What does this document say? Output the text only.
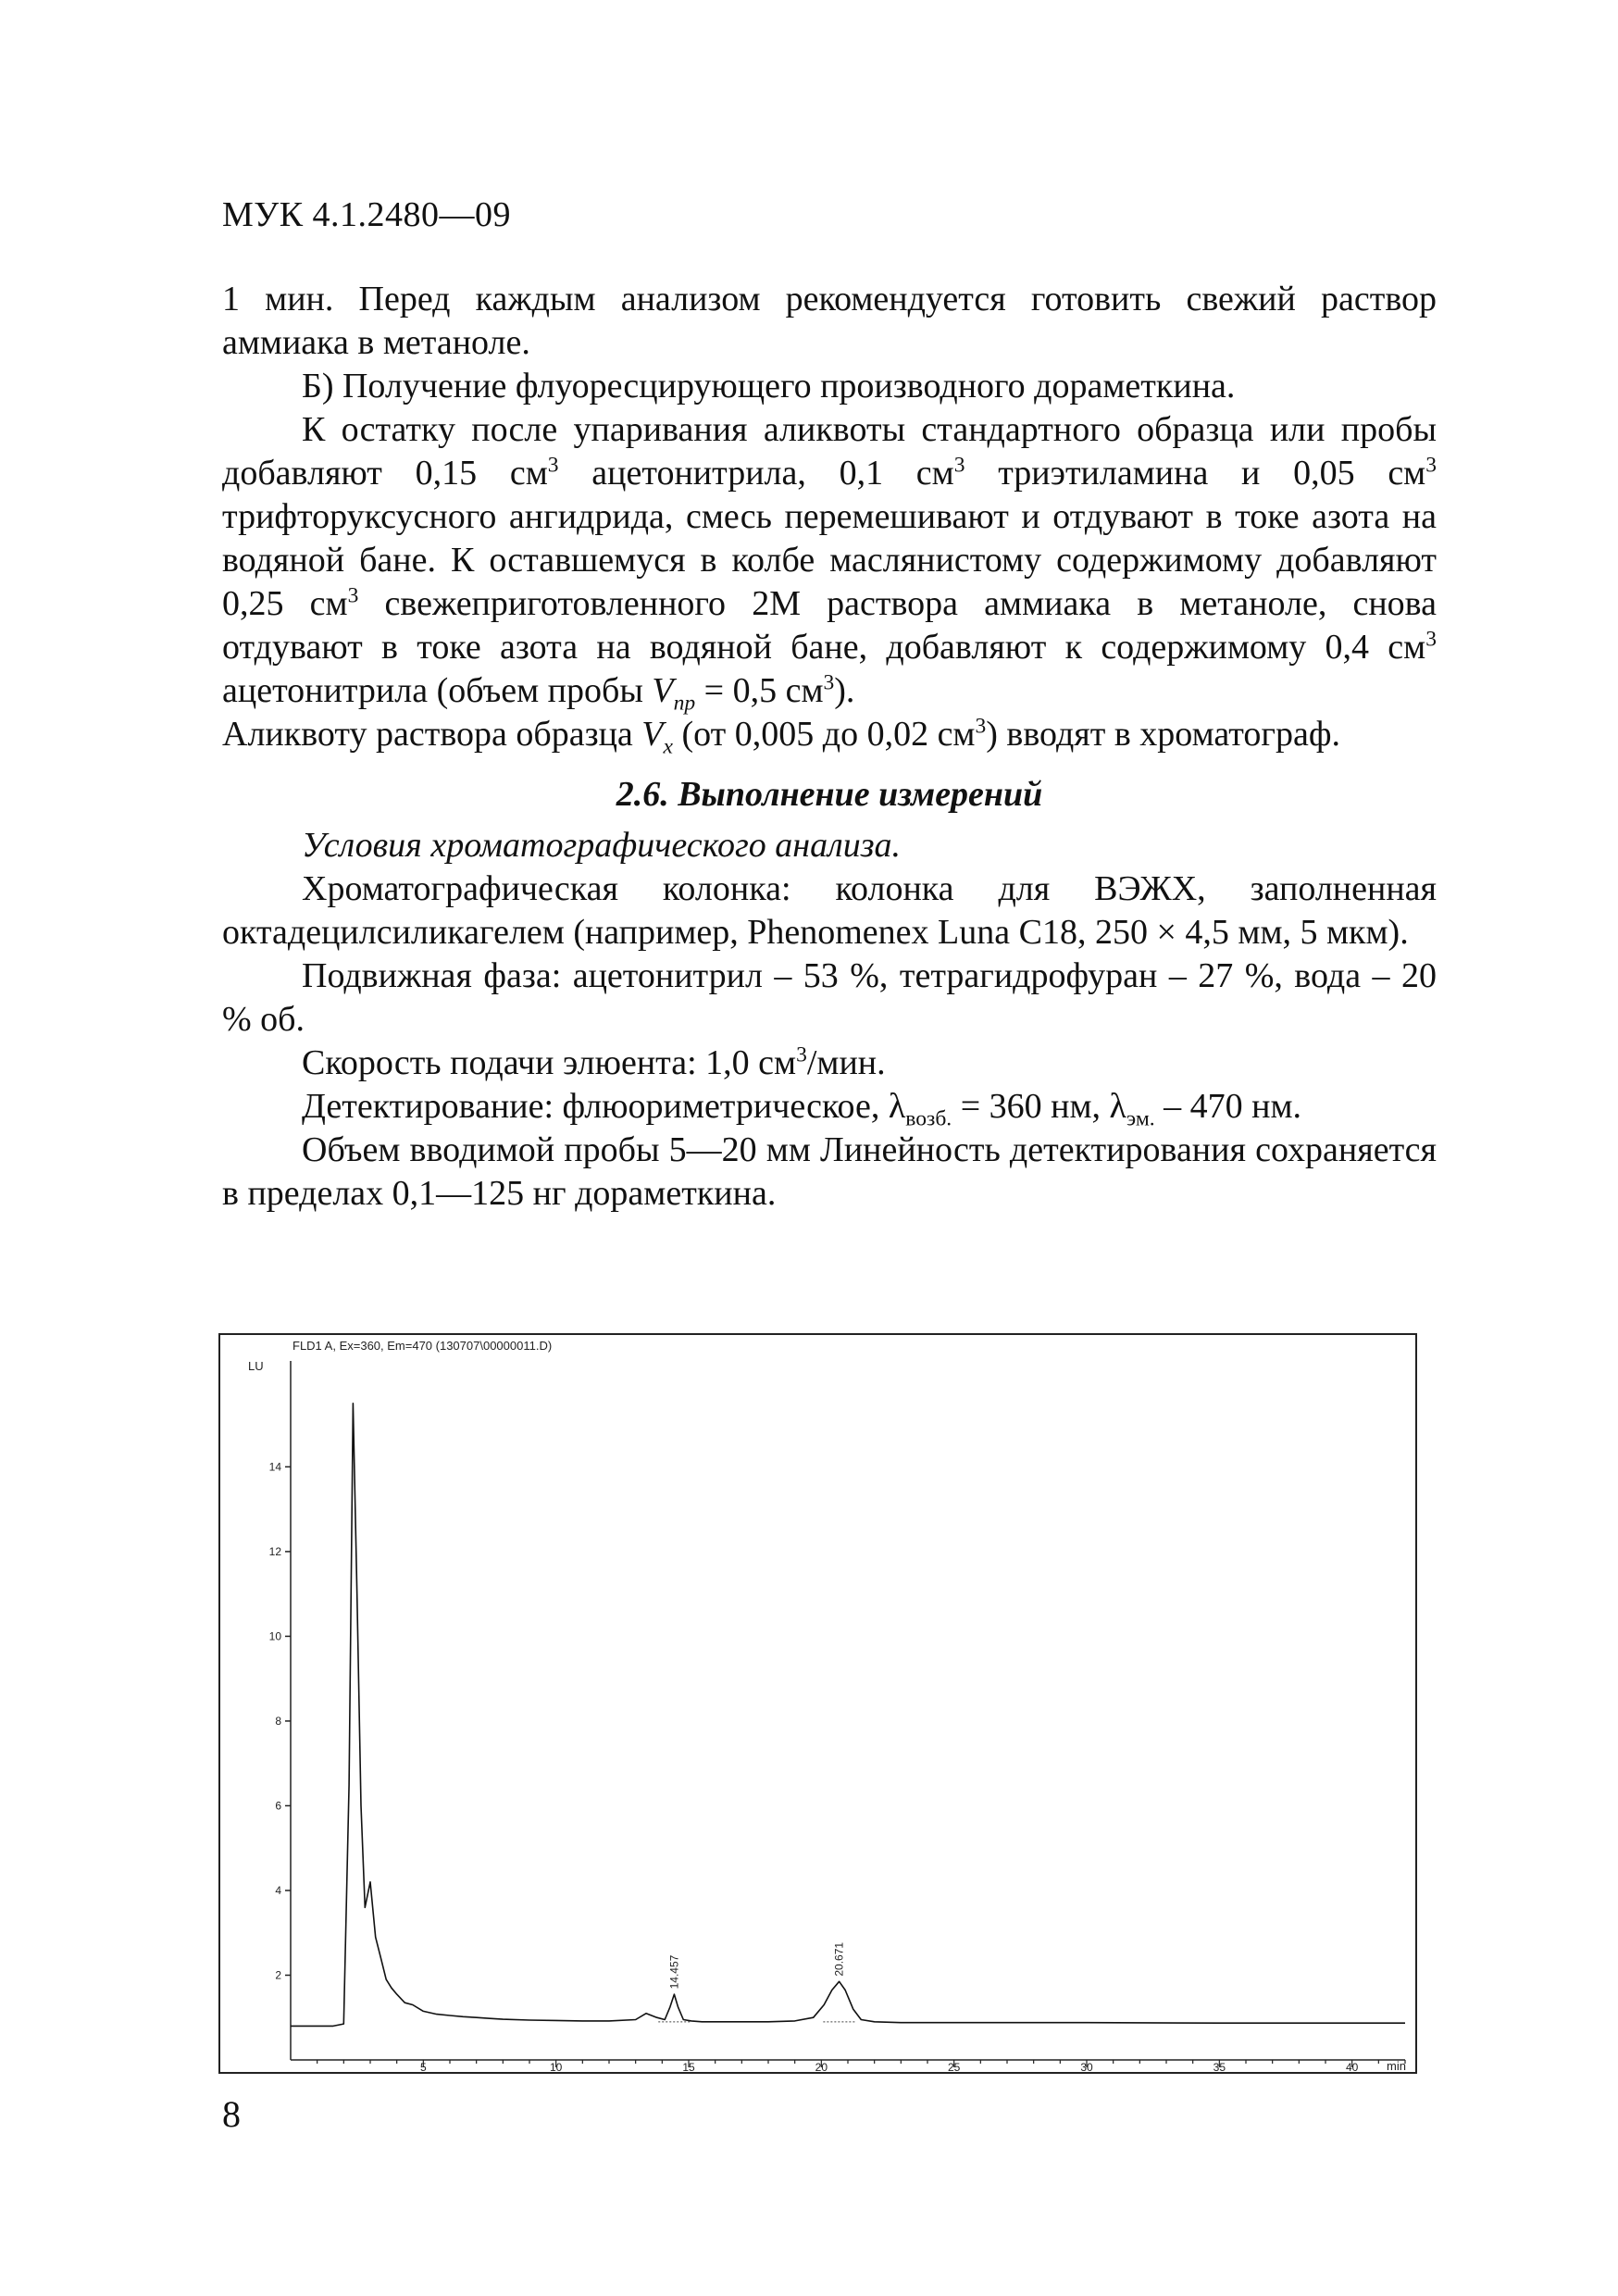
МУК 4.1.2480—09

1 мин. Перед каждым анализом рекомендуется готовить свежий раствор аммиака в метаноле.

Б) Получение флуоресцирующего производного дораметкина.

К остатку после упаривания аликвоты стандартного образца или пробы добавляют 0,15 $см^3$ ацетонитрила, 0,1 $см^3$ триэтиламина и 0,05 $см^3$ трифторуксусного ангидрида, смесь перемешивают и отдувают в токе азота на водяной бане. К оставшемуся в колбе маслянистому содержимому добавляют 0,25 $см^3$ свежеприготовленного 2М раствора аммиака в метаноле, снова отдувают в токе азота на водяной бане, добавляют к содержимому 0,4 $см^3$ ацетонитрила (объем пробы $V_{пр} = 0,5$ $см^3$).

Аликвоту раствора образца $V_x$ (от 0,005 до 0,02 $см^3$) вводят в хроматограф.

2.6. Выполнение измерений

Условия хроматографического анализа.

Хроматографическая колонка: колонка для ВЭЖХ, заполненная октадецилсиликагелем (например, Phenomenex Luna C18, 250 × 4,5 мм, 5 мкм).

Подвижная фаза: ацетонитрил – 53 %, тетрагидрофуран – 27 %, вода – 20 % об.

Скорость подачи элюента: 1,0 $см^3$/мин.

Детектирование: флюориметрическое, $\lambda_{возб.} = 360$ нм, $\lambda_{эм.} - 470$ нм.

Объем вводимой пробы 5—20 мм Линейность детектирования сохраняется в пределах 0,1—125 нг дораметкина.

FLD1 A, Ex=360, Em=470 (130707\00000011.D)
LU
min
2
4
6
8
10
12
14
5	10	15	20	25	30	35	40
14.457	20.671
8
